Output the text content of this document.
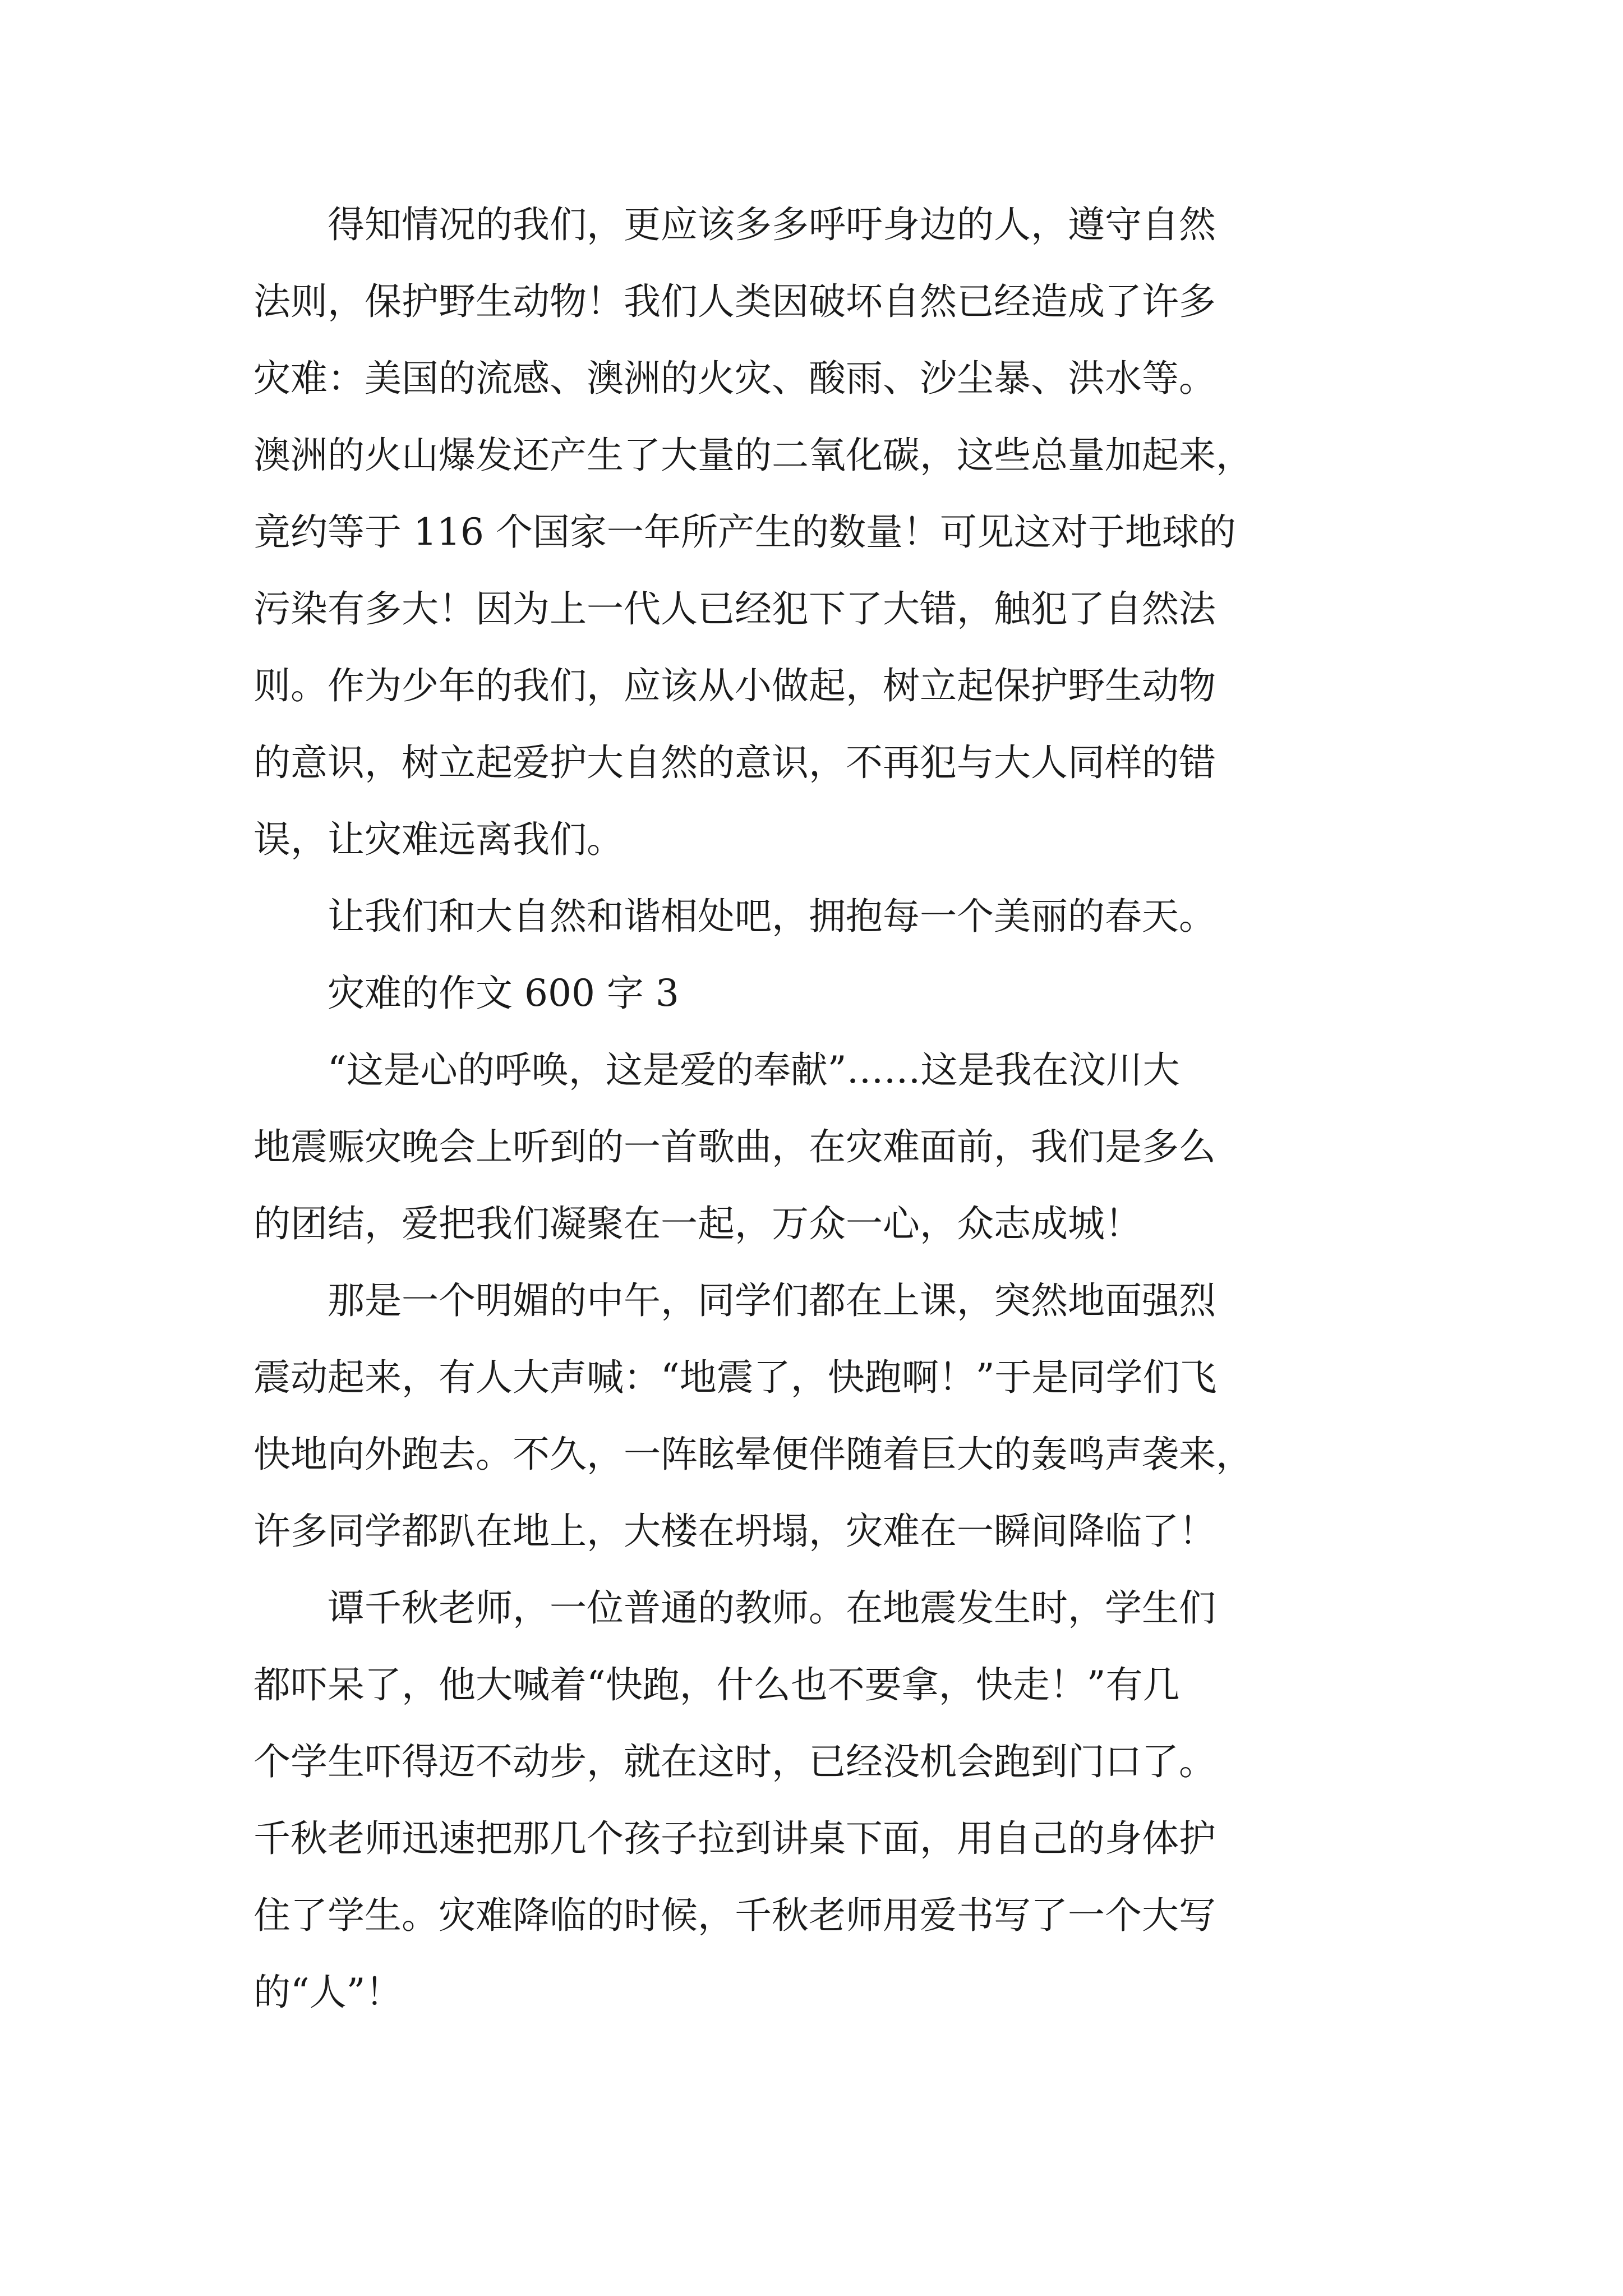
　　得知情况的我们，更应该多多呼吁身边的人，遵守自然
法则，保护野生动物！我们人类因破坏自然已经造成了许多
灾难：美国的流感、澳洲的火灾、酸雨、沙尘暴、洪水等。
澳洲的火山爆发还产生了大量的二氧化碳，这些总量加起来，
竟约等于 116 个国家一年所产生的数量！可见这对于地球的
污染有多大！因为上一代人已经犯下了大错，触犯了自然法
则。作为少年的我们，应该从小做起，树立起保护野生动物
的意识，树立起爱护大自然的意识，不再犯与大人同样的错
误，让灾难远离我们。
　　让我们和大自然和谐相处吧，拥抱每一个美丽的春天。
　　灾难的作文 600 字 3
　　“这是心的呼唤，这是爱的奉献”……这是我在汶川大
地震赈灾晚会上听到的一首歌曲，在灾难面前，我们是多么
的团结，爱把我们凝聚在一起，万众一心，众志成城！
　　那是一个明媚的中午，同学们都在上课，突然地面强烈
震动起来，有人大声喊：“地震了，快跑啊！”于是同学们飞
快地向外跑去。不久，一阵眩晕便伴随着巨大的轰鸣声袭来，
许多同学都趴在地上，大楼在坍塌，灾难在一瞬间降临了！
　　谭千秋老师，一位普通的教师。在地震发生时，学生们
都吓呆了，他大喊着“快跑，什么也不要拿，快走！”有几
个学生吓得迈不动步，就在这时，已经没机会跑到门口了。
千秋老师迅速把那几个孩子拉到讲桌下面，用自己的身体护
住了学生。灾难降临的时候，千秋老师用爱书写了一个大写
的“人”！
